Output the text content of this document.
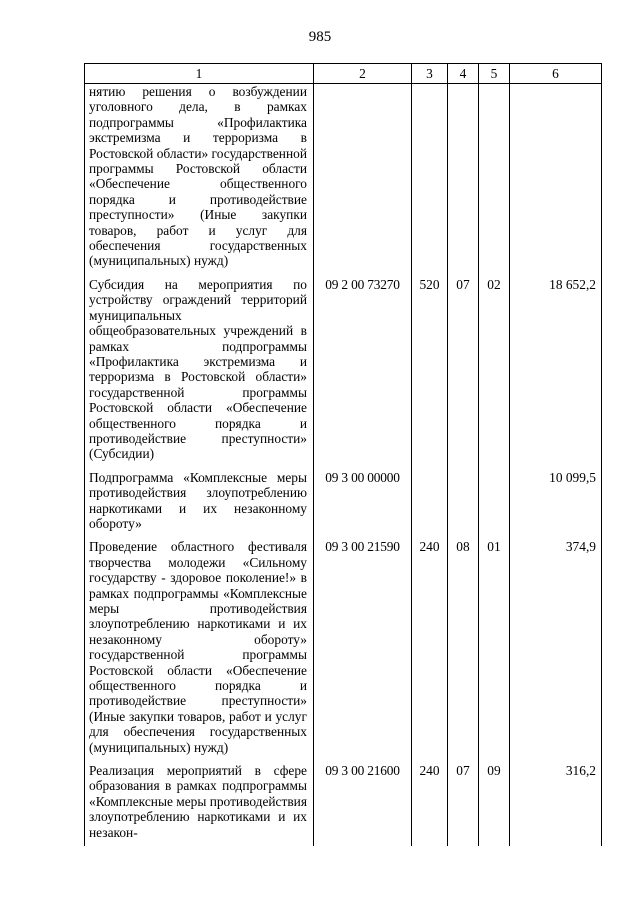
985
1	2	3	4	5	6
нятию решения о возбуждении уголовного дела, в рамках подпрограммы «Профилактика экстремизма и терроризма в Ростовской области» государственной программы Ростовской области «Обеспечение общественного порядка и противодействие преступности» (Иные закупки товаров, работ и услуг для обеспечения государственных (муниципальных) нужд)					
Субсидия на мероприятия по устройству ограждений территорий муниципальных общеобразовательных учреждений в рамках подпрограммы «Профилактика экстремизма и терроризма в Ростовской области» государственной программы Ростовской области «Обеспечение общественного порядка и противодействие преступности» (Субсидии)	09 2 00 73270	520	07	02	18 652,2
Подпрограмма «Комплексные меры противодействия злоупотреблению наркотиками и их незаконному обороту»	09 3 00 00000				10 099,5
Проведение областного фестиваля творчества молодежи «Сильному государству - здоровое поколение!» в рамках подпрограммы «Комплексные меры противодействия злоупотреблению наркотиками и их незаконному обороту» государственной программы Ростовской области «Обеспечение общественного порядка и противодействие преступности» (Иные закупки товаров, работ и услуг для обеспечения государственных (муниципальных) нужд)	09 3 00 21590	240	08	01	374,9
Реализация мероприятий в сфере образования в рамках подпрограммы «Комплексные меры противодействия злоупотреблению наркотиками и их незакон-	09 3 00 21600	240	07	09	316,2
